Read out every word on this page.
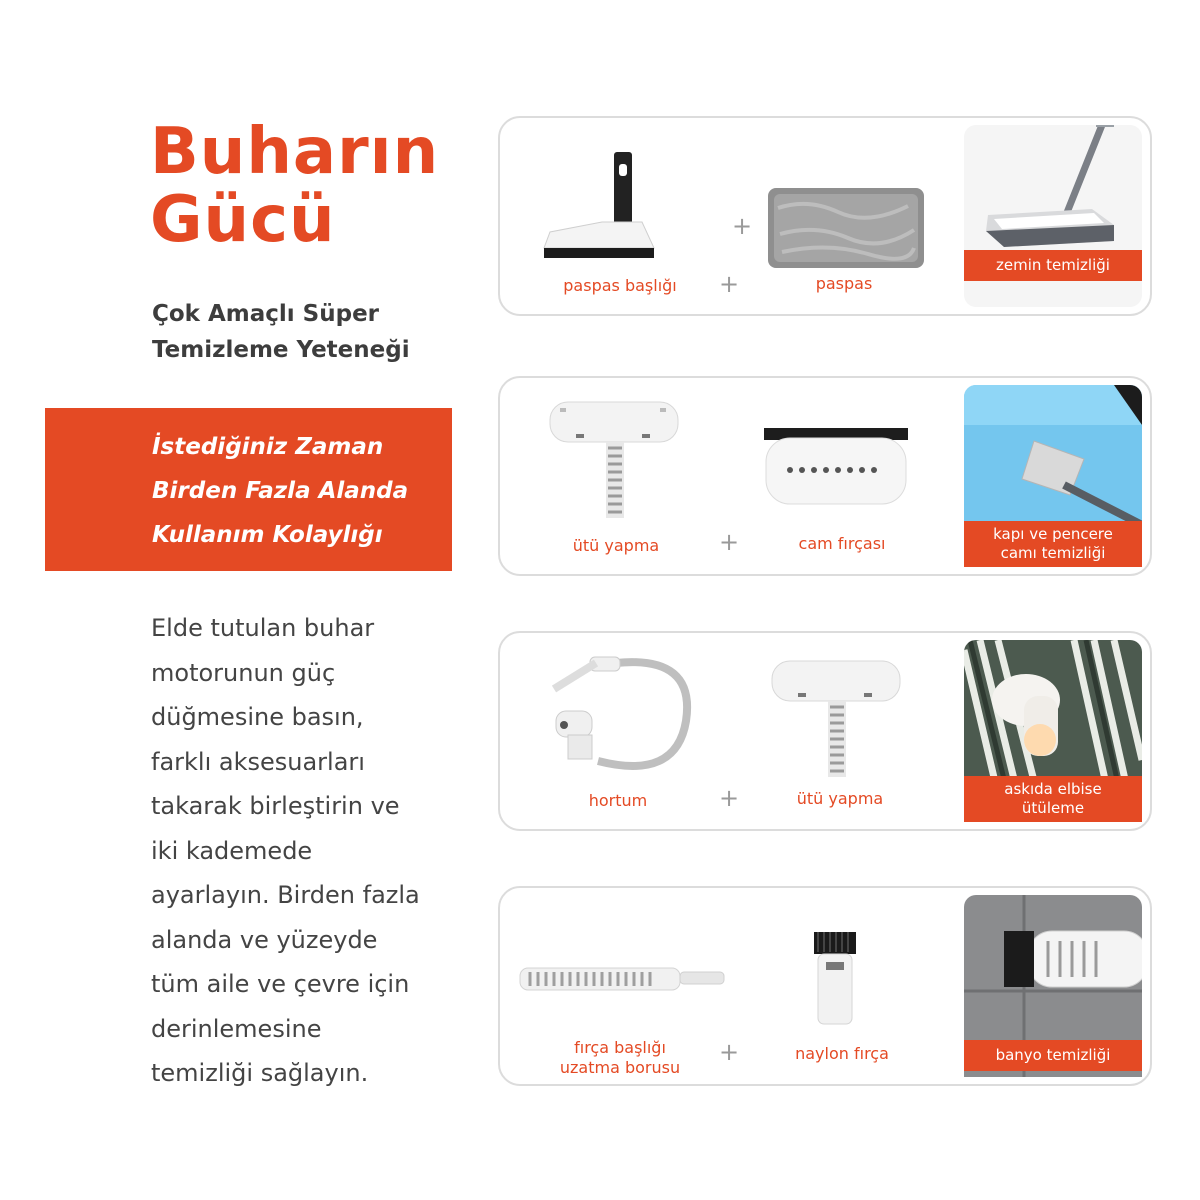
Buharın
Gücü
Çok Amaçlı Süper
Temizleme Yeteneği
İstediğiniz Zaman
Birden Fazla Alanda
Kullanım Kolaylığı
Elde tutulan buhar
motorunun güç
düğmesine basın,
farklı aksesuarları
takarak birleştirin ve
iki kademede
ayarlayın. Birden fazla
alanda ve yüzeyde
tüm aile ve çevre için
derinlemesine
temizliği sağlayın.
+
paspas başlığı	+	paspas
zemin temizliği
ütü yapma	+	cam fırçası	kapı ve pencere
camı temizliği
hortum	+	ütü yapma	askıda elbise
ütüleme
fırça başlığı
uzatma borusu
+	naylon fırça	banyo temizliği
